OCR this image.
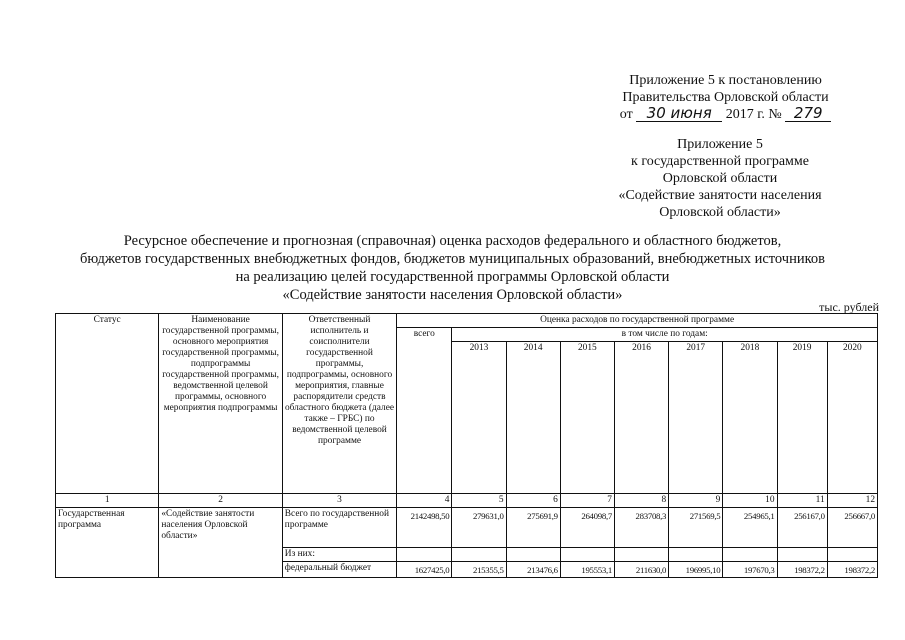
Приложение 5 к постановлению
Правительства Орловской области
от 30 июня 2017 г. № 279
Приложение 5
к государственной программе
Орловской области
«Содействие занятости населения
Орловской области»
Ресурсное обеспечение и прогнозная (справочная) оценка расходов федерального и областного бюджетов,
бюджетов государственных внебюджетных фондов, бюджетов муниципальных образований, внебюджетных источников
на реализацию целей государственной программы Орловской области
«Содействие занятости населения Орловской области»
тыс. рублей
Статус	Наименование государственной программы, основного мероприятия государственной программы, подпрограммы государственной программы, ведомственной целевой программы, основного мероприятия подпрограммы	Ответственный исполнитель и соисполнители государственной программы, подпрограммы, основного мероприятия, главные распорядители средств областного бюджета (далее также – ГРБС) по ведомственной целевой программе	Оценка расходов по государственной программе								
			всего	в том числе по годам:							
				2013	2014	2015	2016	2017	2018	2019	2020
1	2	3	4	5	6	7	8	9	10	11	12
Государственная программа	«Содействие занятости населения Орловской области»	Всего по государственной программе	2142498,50	279631,0	275691,9	264098,7	283708,3	271569,5	254965,1	256167,0	256667,0
		Из них:									
		федеральный бюджет	1627425,0	215355,5	213476,6	195553,1	211630,0	196995,10	197670,3	198372,2	198372,2
